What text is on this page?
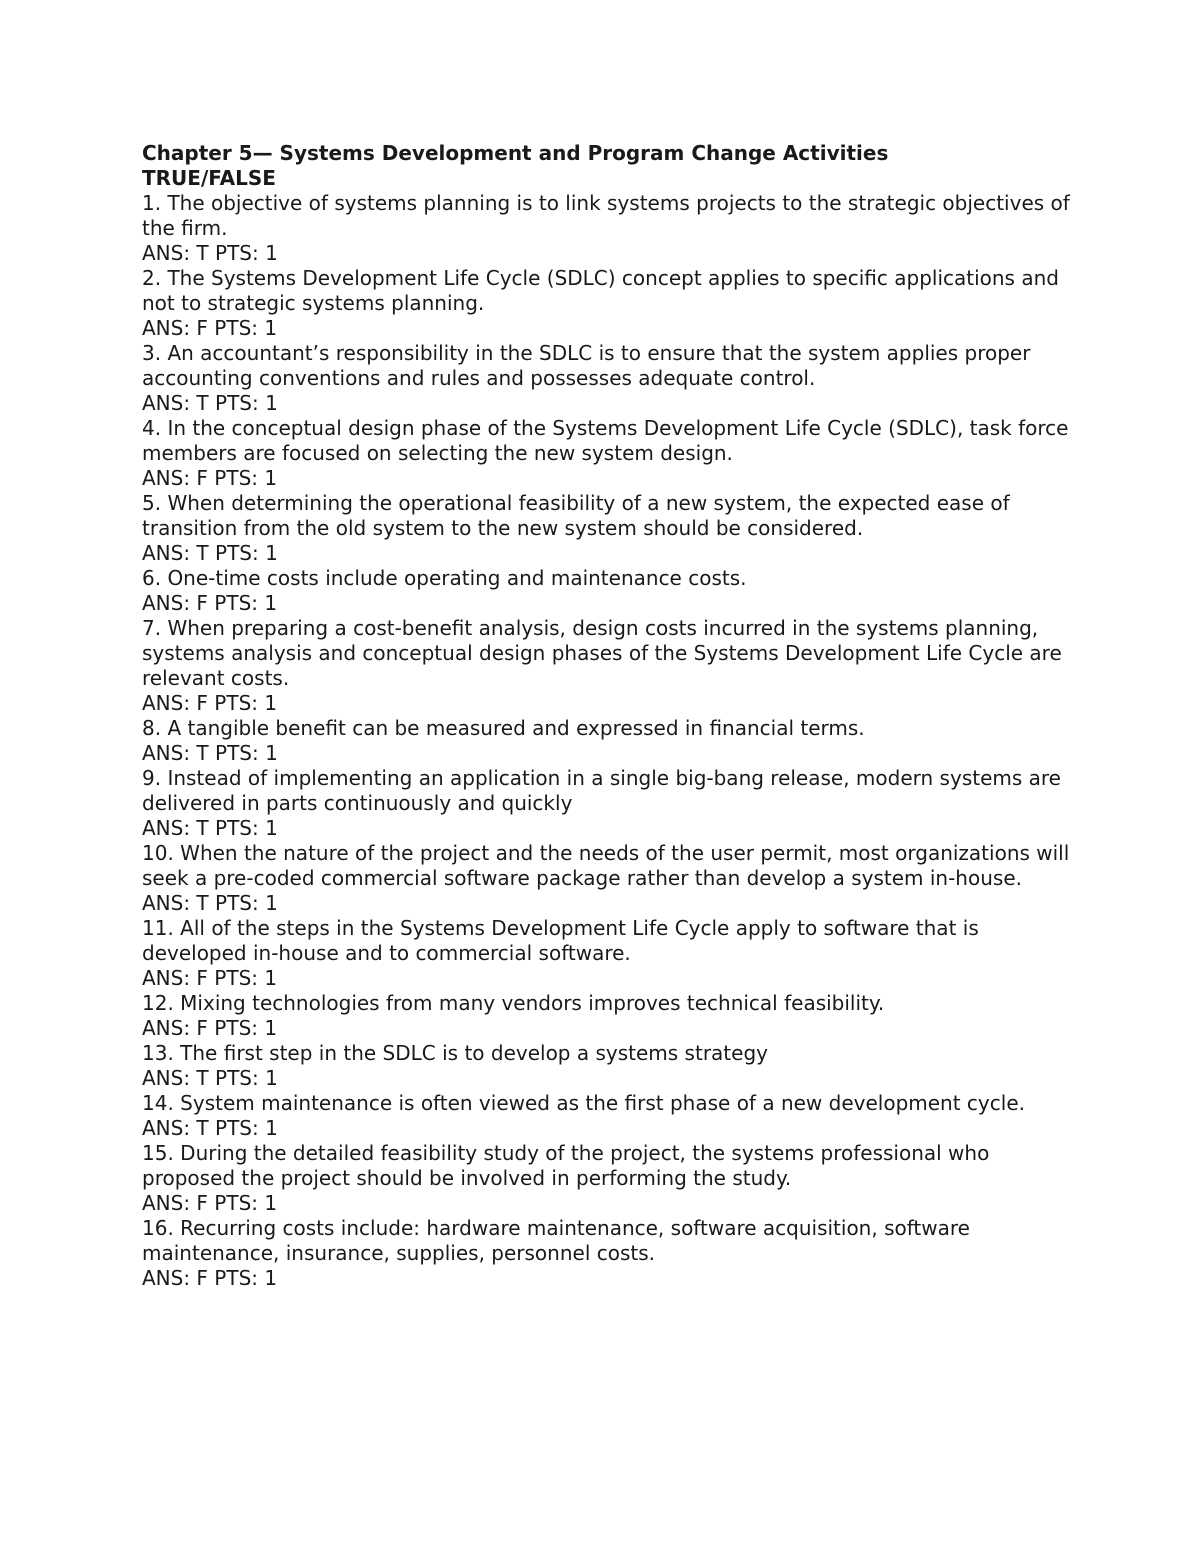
Chapter 5— Systems Development and Program Change Activities
TRUE/FALSE
1. The objective of systems planning is to link systems projects to the strategic objectives of the firm.
ANS: T PTS: 1
2. The Systems Development Life Cycle (SDLC) concept applies to specific applications and not to strategic systems planning.
ANS: F PTS: 1
3. An accountant’s responsibility in the SDLC is to ensure that the system applies proper accounting conventions and rules and possesses adequate control.
ANS: T PTS: 1
4. In the conceptual design phase of the Systems Development Life Cycle (SDLC), task force members are focused on selecting the new system design.
ANS: F PTS: 1
5. When determining the operational feasibility of a new system, the expected ease of transition from the old system to the new system should be considered.
ANS: T PTS: 1
6. One-time costs include operating and maintenance costs.
ANS: F PTS: 1
7. When preparing a cost-benefit analysis, design costs incurred in the systems planning, systems analysis and conceptual design phases of the Systems Development Life Cycle are relevant costs.
ANS: F PTS: 1
8. A tangible benefit can be measured and expressed in financial terms.
ANS: T PTS: 1
9. Instead of implementing an application in a single big-bang release, modern systems are delivered in parts continuously and quickly
ANS: T PTS: 1
10. When the nature of the project and the needs of the user permit, most organizations will seek a pre-coded commercial software package rather than develop a system in-house.
ANS: T PTS: 1
11. All of the steps in the Systems Development Life Cycle apply to software that is developed in-house and to commercial software.
ANS: F PTS: 1
12. Mixing technologies from many vendors improves technical feasibility.
ANS: F PTS: 1
13. The first step in the SDLC is to develop a systems strategy
ANS: T PTS: 1
14. System maintenance is often viewed as the first phase of a new development cycle.
ANS: T PTS: 1
15. During the detailed feasibility study of the project, the systems professional who proposed the project should be involved in performing the study.
ANS: F PTS: 1
16. Recurring costs include: hardware maintenance, software acquisition, software maintenance, insurance, supplies, personnel costs.
ANS: F PTS: 1
